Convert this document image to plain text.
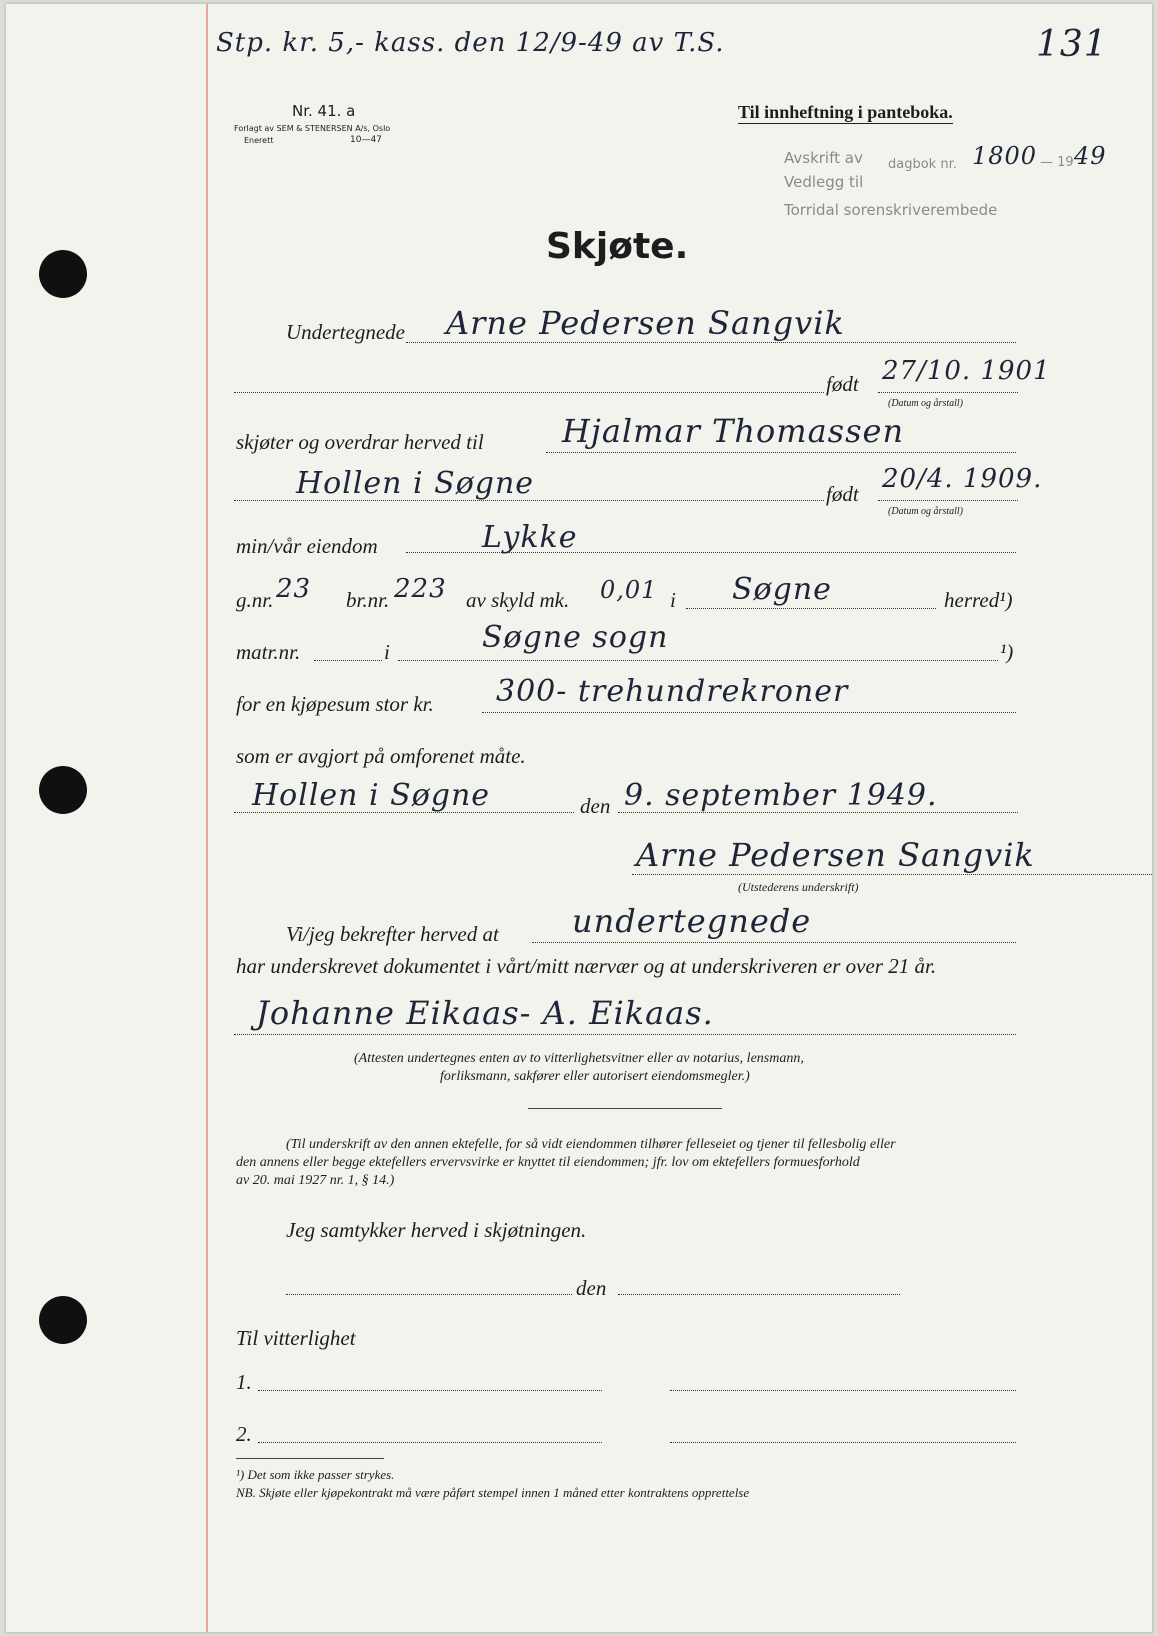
Stp. kr. 5,- kass. den 12/9-49 av T.S.	131
Nr. 41. a
Forlagt av SEM & STENERSEN A/s, Oslo
Enerett	10—47
Til innheftning i panteboka.
Avskrift av dagbok nr. 1800 — 19 49
Vedlegg til
Torridal sorenskriverembede
Skjøte.
Undertegnede Arne Pedersen Sangvik
født 27/10. 1901
(Datum og årstall)
skjøter og overdrar herved til Hjalmar Thomassen
Hollen i Søgne	født 20/4. 1909.
(Datum og årstall)
min/vår eiendom	Lykke
g.nr. 23 br.nr. 223 av skyld mk. 0,01 i Søgne	herred¹)
matr.nr.	i	Søgne sogn	¹)
for en kjøpesum stor kr. 300- trehundrekroner
som er avgjort på omforenet måte.
Hollen i Søgne	den 9. september 1949.
Arne Pedersen Sangvik
(Utstederens underskrift)
Vi/jeg bekrefter herved at undertegnede
har underskrevet dokumentet i vårt/mitt nærvær og at underskriveren er over 21 år.
Johanne Eikaas- A. Eikaas.
(Attesten undertegnes enten av to vitterlighetsvitner eller av notarius, lensmann,
forliksmann, sakfører eller autorisert eiendomsmegler.)
(Til underskrift av den annen ektefelle, for så vidt eiendommen tilhører felleseiet og tjener til fellesbolig eller
den annens eller begge ektefellers ervervsvirke er knyttet til eiendommen; jfr. lov om ektefellers formuesforhold
av 20. mai 1927 nr. 1, § 14.)
Jeg samtykker herved i skjøtningen.
den
Til vitterlighet
1.
2.
¹) Det som ikke passer strykes.
NB. Skjøte eller kjøpekontrakt må være påført stempel innen 1 måned etter kontraktens opprettelse
